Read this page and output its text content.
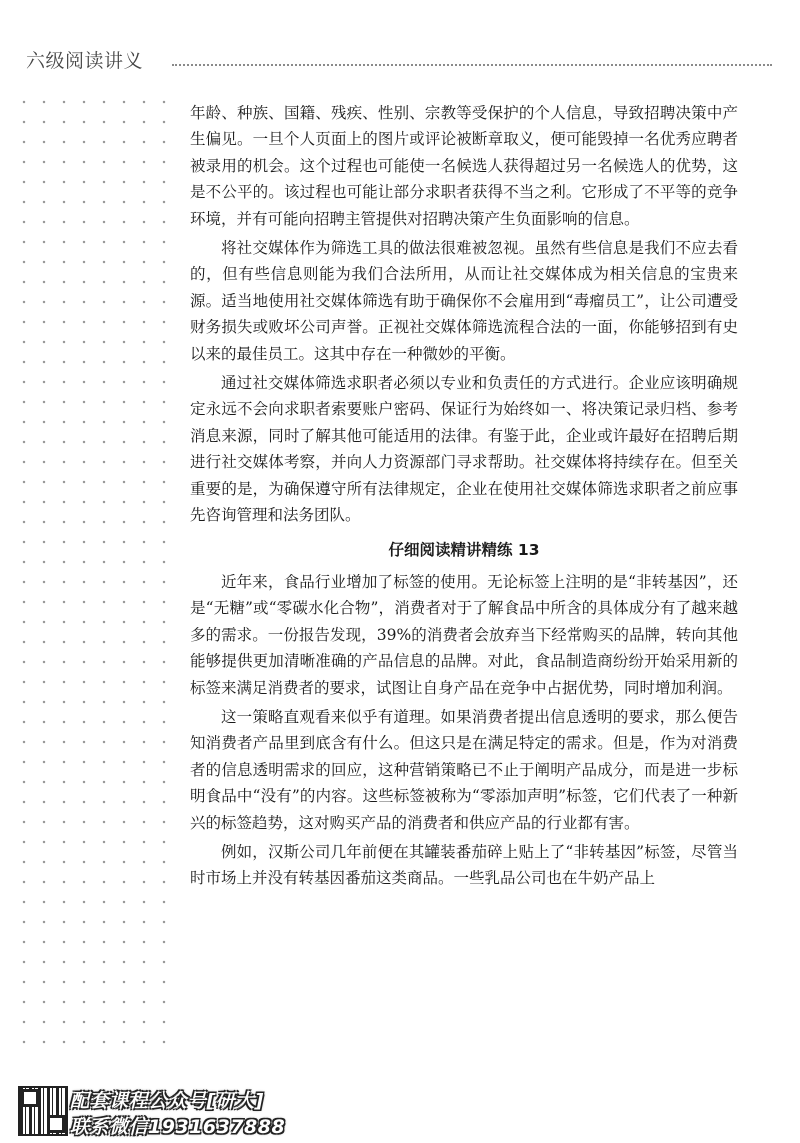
六级阅读讲义

年龄、种族、国籍、残疾、性别、宗教等受保护的个人信息，导致招聘决策中产生偏见。一旦个人页面上的图片或评论被断章取义，便可能毁掉一名优秀应聘者被录用的机会。这个过程也可能使一名候选人获得超过另一名候选人的优势，这是不公平的。该过程也可能让部分求职者获得不当之利。它形成了不平等的竞争环境，并有可能向招聘主管提供对招聘决策产生负面影响的信息。

将社交媒体作为筛选工具的做法很难被忽视。虽然有些信息是我们不应去看的，但有些信息则能为我们合法所用，从而让社交媒体成为相关信息的宝贵来源。适当地使用社交媒体筛选有助于确保你不会雇用到“毒瘤员工”，让公司遭受财务损失或败坏公司声誉。正视社交媒体筛选流程合法的一面，你能够招到有史以来的最佳员工。这其中存在一种微妙的平衡。

通过社交媒体筛选求职者必须以专业和负责任的方式进行。企业应该明确规定永远不会向求职者索要账户密码、保证行为始终如一、将决策记录归档、参考消息来源，同时了解其他可能适用的法律。有鉴于此，企业或许最好在招聘后期进行社交媒体考察，并向人力资源部门寻求帮助。社交媒体将持续存在。但至关重要的是，为确保遵守所有法律规定，企业在使用社交媒体筛选求职者之前应事先咨询管理和法务团队。

仔细阅读精讲精练 13

近年来，食品行业增加了标签的使用。无论标签上注明的是“非转基因”，还是“无糖”或“零碳水化合物”，消费者对于了解食品中所含的具体成分有了越来越多的需求。一份报告发现，39%的消费者会放弃当下经常购买的品牌，转向其他能够提供更加清晰准确的产品信息的品牌。对此，食品制造商纷纷开始采用新的标签来满足消费者的要求，试图让自身产品在竞争中占据优势，同时增加利润。

这一策略直观看来似乎有道理。如果消费者提出信息透明的要求，那么便告知消费者产品里到底含有什么。但这只是在满足特定的需求。但是，作为对消费者的信息透明需求的回应，这种营销策略已不止于阐明产品成分，而是进一步标明食品中“没有”的内容。这些标签被称为“零添加声明”标签，它们代表了一种新兴的标签趋势，这对购买产品的消费者和供应产品的行业都有害。

例如，汉斯公司几年前便在其罐装番茄碎上贴上了“非转基因”标签，尽管当时市场上并没有转基因番茄这类商品。一些乳品公司也在牛奶产品上

配套课程公众号[研大]
联系微信1931637888
